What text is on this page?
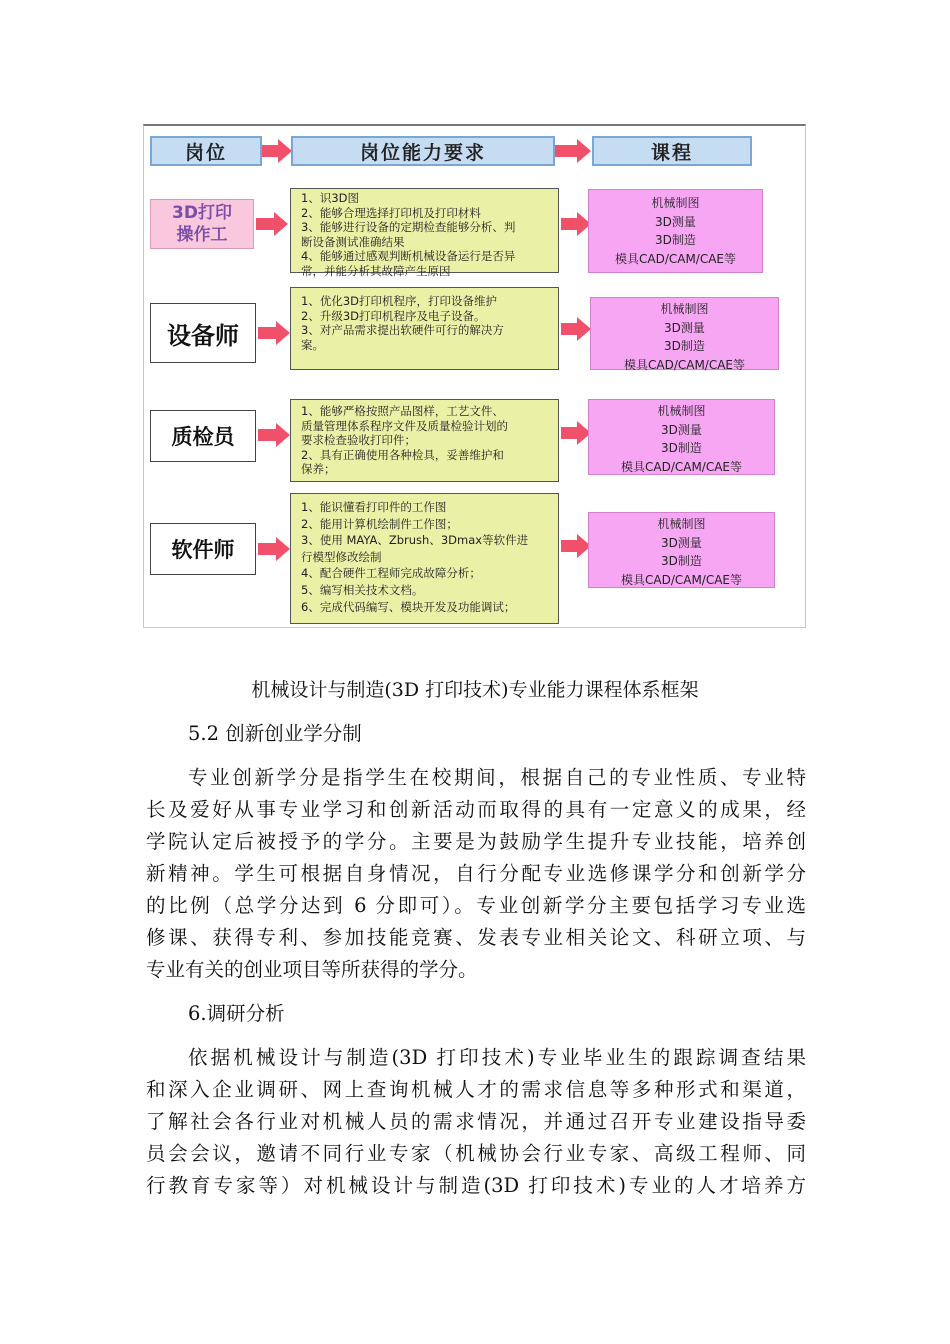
岗位	岗位能力要求	课程
3D打印
操作工
1、识3D图
2、能够合理选择打印机及打印材料
3、能够进行设备的定期检查能够分析、判
断设备测试准确结果
4、能够通过感观判断机械设备运行是否异
常，并能分析其故障产生原因
机械制图
3D测量
3D制造
模具CAD/CAM/CAE等
设备师
1、优化3D打印机程序，打印设备维护
2、升级3D打印机程序及电子设备。
3、对产品需求提出软硬件可行的解决方
案。
机械制图
3D测量
3D制造
模具CAD/CAM/CAE等
质检员
1、能够严格按照产品图样，工艺文件、
质量管理体系程序文件及质量检验计划的
要求检查验收打印件；
2、具有正确使用各种检具，妥善维护和
保养；
机械制图
3D测量
3D制造
模具CAD/CAM/CAE等
软件师
1、能识懂看打印件的工作图
2、能用计算机绘制件工作图；
3、使用 MAYA、Zbrush、3Dmax等软件进
行模型修改绘制
4、配合硬件工程师完成故障分析；
5、编写相关技术文档。
6、完成代码编写、模块开发及功能调试；
机械制图
3D测量
3D制造
模具CAD/CAM/CAE等
机械设计与制造(3D 打印技术)专业能力课程体系框架
5.2 创新创业学分制
专业创新学分是指学生在校期间，根据自己的专业性质、专业特
长及爱好从事专业学习和创新活动而取得的具有一定意义的成果，经
学院认定后被授予的学分。主要是为鼓励学生提升专业技能，培养创
新精神。学生可根据自身情况，自行分配专业选修课学分和创新学分
的比例（总学分达到 6 分即可）。专业创新学分主要包括学习专业选
修课、获得专利、参加技能竞赛、发表专业相关论文、科研立项、与
专业有关的创业项目等所获得的学分。
6.调研分析
依据机械设计与制造(3D 打印技术)专业毕业生的跟踪调查结果
和深入企业调研、网上查询机械人才的需求信息等多种形式和渠道，
了解社会各行业对机械人员的需求情况，并通过召开专业建设指导委
员会会议，邀请不同行业专家（机械协会行业专家、高级工程师、同
行教育专家等）对机械设计与制造(3D 打印技术)专业的人才培养方
